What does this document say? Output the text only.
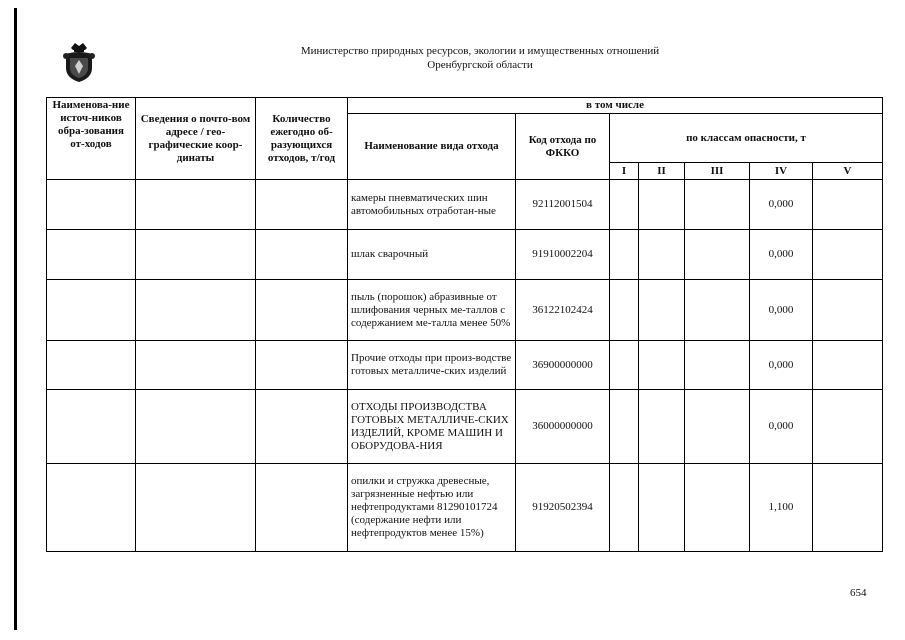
Министерство природных ресурсов, экологии и имущественных отношений
Оренбургской области
Наименова-ние источ-ников обра-зования от-ходов	Сведения о почто-вом адресе / гео-графические коор-динаты	Количество ежегодно об-разующихся отходов, т/год	в том числе						
			Наименование вида отхода	Код отхода по ФККО	по классам опасности, т				
					I	II	III	IV	V
			камеры пневматических шин автомобильных отработан-ные	92112001504				0,000	
			шлак сварочный	91910002204				0,000	
			пыль (порошок) абразивные от шлифования черных ме-таллов с содержанием ме-талла менее 50%	36122102424				0,000	
			Прочие отходы при произ-водстве готовых металличе-ских изделий	36900000000				0,000	
			ОТХОДЫ ПРОИЗВОДСТВА ГОТОВЫХ МЕТАЛЛИЧЕ-СКИХ ИЗДЕЛИЙ, КРОМЕ МАШИН И ОБОРУДОВА-НИЯ	36000000000				0,000	
			опилки и стружка древесные, загрязненные нефтью или нефтепродуктами 81290101724 (содержание нефти или нефтепродуктов менее 15%)	91920502394				1,100	
654
